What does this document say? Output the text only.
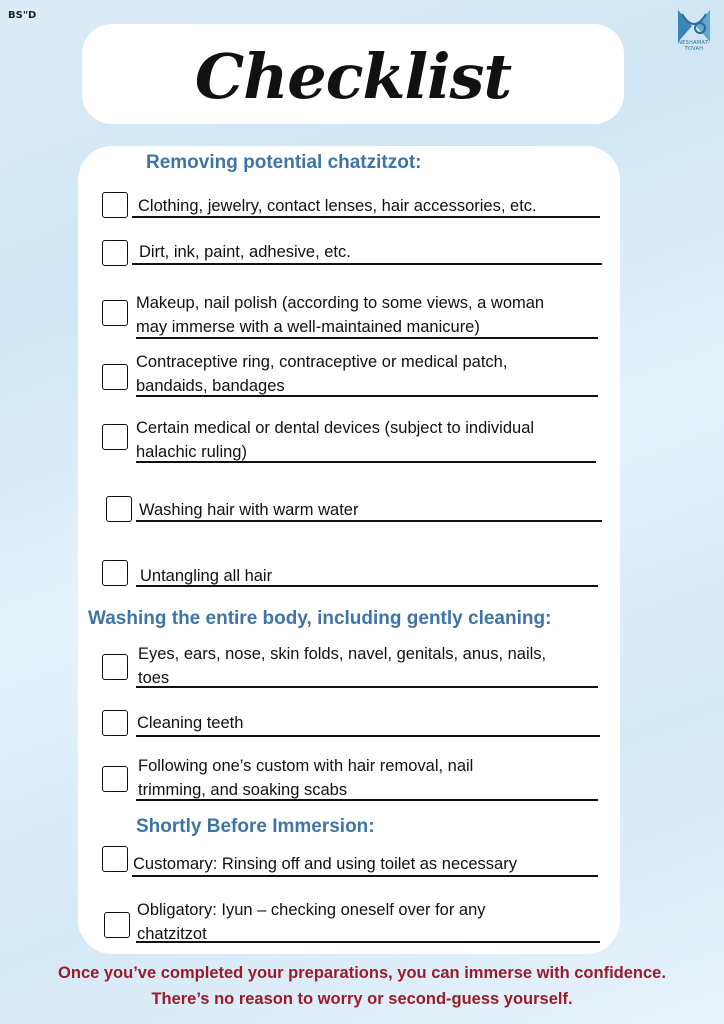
BS"D
NESHAMAT-TOVAH
Checklist
Removing potential chatzitzot:
Washing the entire body, including gently cleaning:
Shortly Before Immersion:
Clothing, jewelry, contact lenses, hair accessories, etc.
Dirt, ink, paint, adhesive, etc.
Makeup, nail polish (according to some views, a woman
may immerse with a well-maintained manicure)
Contraceptive ring, contraceptive or medical patch,
bandaids, bandages
Certain medical or dental devices (subject to individual
halachic ruling)
Washing hair with warm water
Untangling all hair
Eyes, ears, nose, skin folds, navel, genitals, anus, nails,
toes
Cleaning teeth
Following one’s custom with hair removal, nail
trimming, and soaking scabs
Customary: Rinsing off and using toilet as necessary
Obligatory: Iyun – checking oneself over for any
chatzitzot
Once you’ve completed your preparations, you can immerse with confidence.
There’s no reason to worry or second-guess yourself.
